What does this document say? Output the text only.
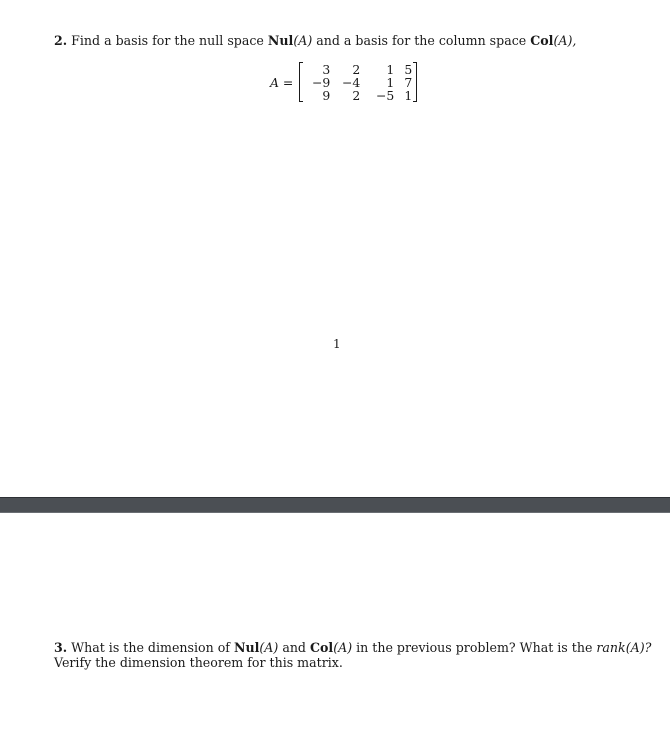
2. Find a basis for the null space Nul(A) and a basis for the column space Col(A),
A =
3	2	1 5
−9 −4	1 7
9	2	−5 1
1
3. What is the dimension of Nul(A) and Col(A) in the previous problem? What is the rank(A)?
Verify the dimension theorem for this matrix.
